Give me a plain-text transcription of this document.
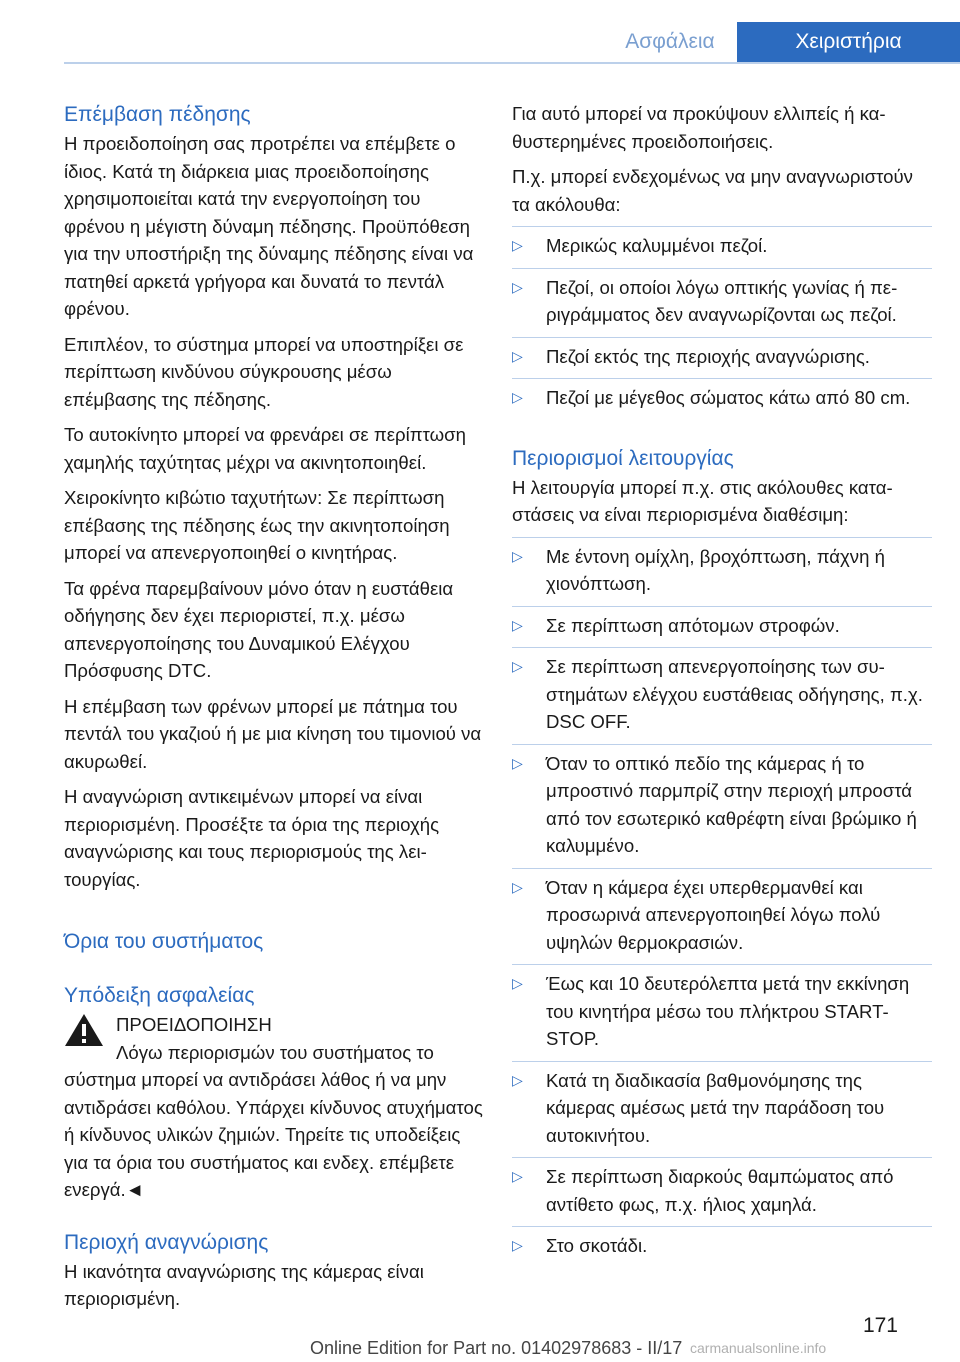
Ασφάλεια	Χειριστήρια
Επέμβαση πέδησης

Η προειδοποίηση σας προτρέπει να επέμβετε ο ίδιος. Κατά τη διάρκεια μιας προειδοποίησης χρησιμοποιείται κατά την ενεργοποίηση του φρένου η μέγιστη δύναμη πέδησης. Προϋπόθεση για την υποστήριξη της δύναμης πέδησης είναι να πατηθεί αρκετά γρήγορα και δυνατά το πεντάλ φρένου.

Επιπλέον, το σύστημα μπορεί να υποστηρίξει σε περίπτωση κινδύνου σύγκρουσης μέσω επέμβασης της πέδησης.

Το αυτοκίνητο μπορεί να φρενάρει σε περίπτωση χαμηλής ταχύτητας μέχρι να ακινητοποιηθεί.

Χειροκίνητο κιβώτιο ταχυτήτων: Σε περίπτωση επέβασης της πέδησης έως την ακινητοποίηση μπορεί να απενεργοποιηθεί ο κινητήρας.

Τα φρένα παρεμβαίνουν μόνο όταν η ευστάθεια οδήγησης δεν έχει περιοριστεί, π.χ. μέσω απενεργοποίησης του Δυναμικού Ελέγχου Πρόσφυσης DTC.

Η επέμβαση των φρένων μπορεί με πάτημα του πεντάλ του γκαζιού ή με μια κίνηση του τιμονιού να ακυρωθεί.

Η αναγνώριση αντικειμένων μπορεί να είναι περιορισμένη. Προσέξτε τα όρια της περιοχής αναγνώρισης και τους περιορισμούς της λειτουργίας.

Όρια του συστήματος
Υπόδειξη ασφαλείας
ΠΡΟΕΙΔΟΠΟΙΗΣΗ
Λόγω περιορισμών του συστήματος το
σύστημα μπορεί να αντιδράσει λάθος ή να μην αντιδράσει καθόλου. Υπάρχει κίνδυνος ατυχήματος ή κίνδυνος υλικών ζημιών. Τηρείτε τις υποδείξεις για τα όρια του συστήματος και ενδεχ. επέμβετε ενεργά.◄
Περιοχή αναγνώρισης

Η ικανότητα αναγνώρισης της κάμερας είναι περιορισμένη.

Για αυτό μπορεί να προκύψουν ελλιπείς ή καθυστερημένες προειδοποιήσεις.

Π.χ. μπορεί ενδεχομένως να μην αναγνωριστούν τα ακόλουθα:

▷ Μερικώς καλυμμένοι πεζοί.
▷ Πεζοί, οι οποίοι λόγω οπτικής γωνίας ή περιγράμματος δεν αναγνωρίζονται ως πεζοί.
▷ Πεζοί εκτός της περιοχής αναγνώρισης.
▷ Πεζοί με μέγεθος σώματος κάτω από 80 cm.
Περιορισμοί λειτουργίας

Η λειτουργία μπορεί π.χ. στις ακόλουθες καταστάσεις να είναι περιορισμένα διαθέσιμη:

▷ Με έντονη ομίχλη, βροχόπτωση, πάχνη ή χιονόπτωση.
▷ Σε περίπτωση απότομων στροφών.
▷ Σε περίπτωση απενεργοποίησης των συστημάτων ελέγχου ευστάθειας οδήγησης, π.χ. DSC OFF.
▷ Όταν το οπτικό πεδίο της κάμερας ή το μπροστινό παρμπρίζ στην περιοχή μπροστά από τον εσωτερικό καθρέφτη είναι βρώμικο ή καλυμμένο.
▷ Όταν η κάμερα έχει υπερθερμανθεί και προσωρινά απενεργοποιηθεί λόγω πολύ υψηλών θερμοκρασιών.
▷ Έως και 10 δευτερόλεπτα μετά την εκκίνηση του κινητήρα μέσω του πλήκτρου START-STOP.
▷ Κατά τη διαδικασία βαθμονόμησης της κάμερας αμέσως μετά την παράδοση του αυτοκινήτου.
▷ Σε περίπτωση διαρκούς θαμπώματος από αντίθετο φως, π.χ. ήλιος χαμηλά.
▷ Στο σκοτάδι.
171
Online Edition for Part no. 01402978683 - II/17 carmanualsonline.info
